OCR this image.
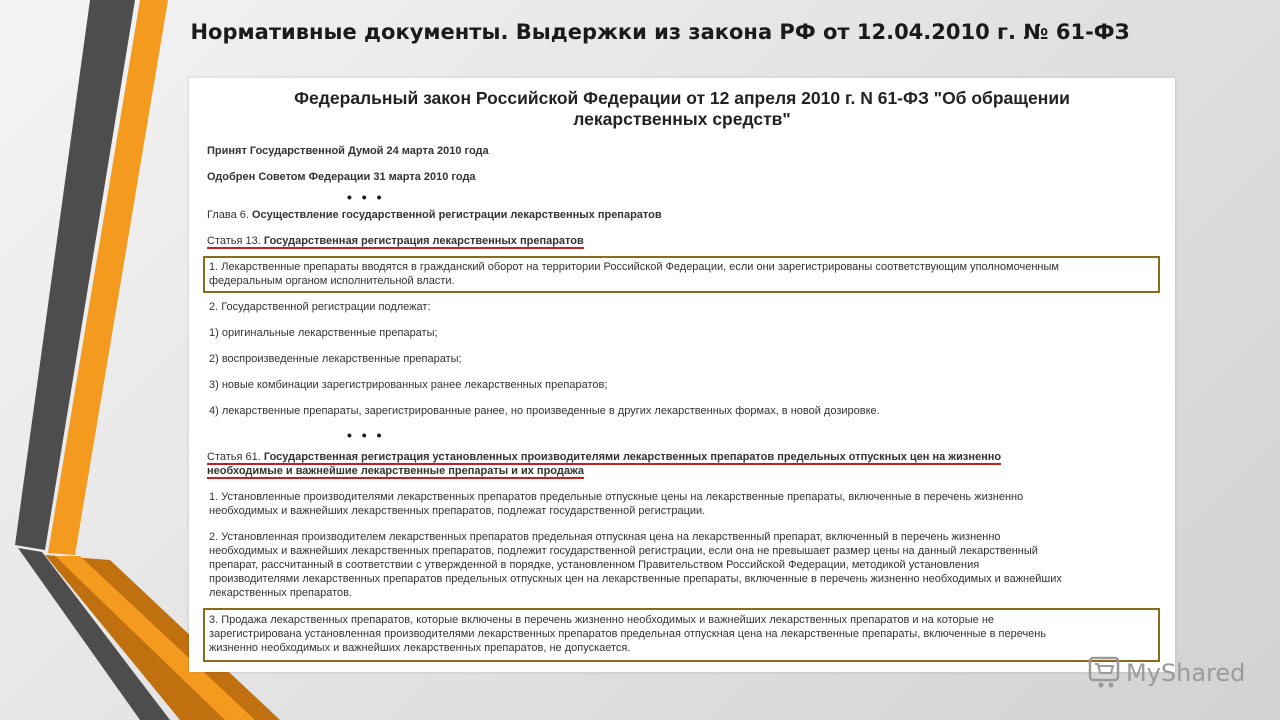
Нормативные документы. Выдержки из закона РФ от 12.04.2010 г. № 61-ФЗ
Федеральный закон Российской Федерации от 12 апреля 2010 г. N 61-ФЗ "Об обращении
лекарственных средств"
Принят Государственной Думой 24 марта 2010 года
Одобрен Советом Федерации 31 марта 2010 года
• • •
Глава 6. Осуществление государственной регистрации лекарственных препаратов
Статья 13. Государственная регистрация лекарственных препаратов
1. Лекарственные препараты вводятся в гражданский оборот на территории Российской Федерации, если они зарегистрированы соответствующим уполномоченным
федеральным органом исполнительной власти.
2. Государственной регистрации подлежат:
1) оригинальные лекарственные препараты;
2) воспроизведенные лекарственные препараты;
3) новые комбинации зарегистрированных ранее лекарственных препаратов;
4) лекарственные препараты, зарегистрированные ранее, но произведенные в других лекарственных формах, в новой дозировке.
• • •
Статья 61. Государственная регистрация установленных производителями лекарственных препаратов предельных отпускных цен на жизненно
необходимые и важнейшие лекарственные препараты и их продажа
1. Установленные производителями лекарственных препаратов предельные отпускные цены на лекарственные препараты, включенные в перечень жизненно
необходимых и важнейших лекарственных препаратов, подлежат государственной регистрации.
2. Установленная производителем лекарственных препаратов предельная отпускная цена на лекарственный препарат, включенный в перечень жизненно
необходимых и важнейших лекарственных препаратов, подлежит государственной регистрации, если она не превышает размер цены на данный лекарственный
препарат, рассчитанный в соответствии с утвержденной в порядке, установленном Правительством Российской Федерации, методикой установления
производителями лекарственных препаратов предельных отпускных цен на лекарственные препараты, включенные в перечень жизненно необходимых и важнейших
лекарственных препаратов.
3. Продажа лекарственных препаратов, которые включены в перечень жизненно необходимых и важнейших лекарственных препаратов и на которые не
зарегистрирована установленная производителями лекарственных препаратов предельная отпускная цена на лекарственные препараты, включенные в перечень
жизненно необходимых и важнейших лекарственных препаратов, не допускается.
MyShared
